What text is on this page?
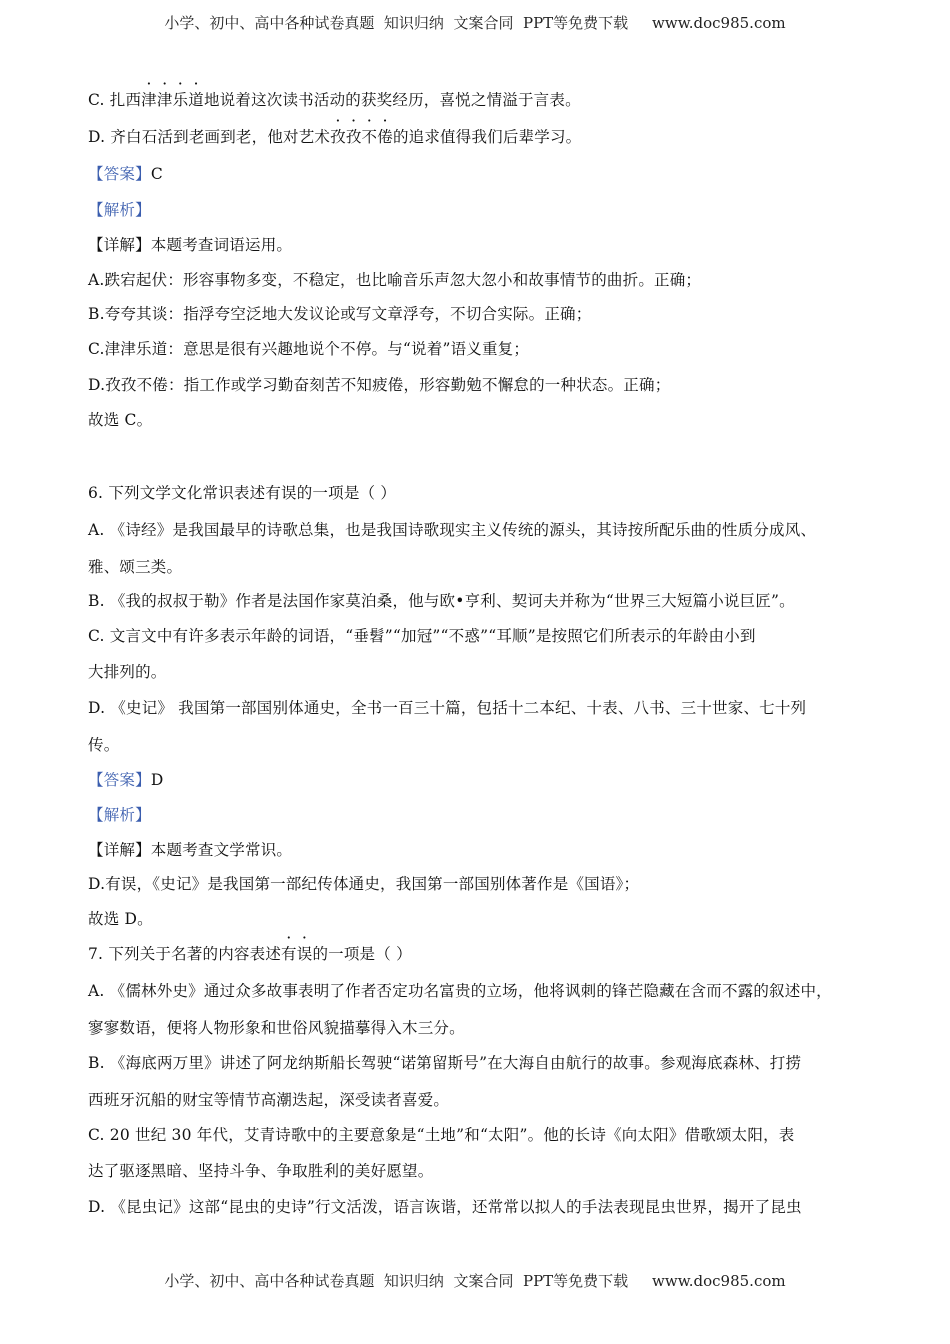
小学、初中、高中各种试卷真题  知识归纳  文案合同  PPT等免费下载     www.doc985.com
C. 扎西津津乐道地说着这次读书活动的获奖经历，喜悦之情溢于言表。
D. 齐白石活到老画到老，他对艺术孜孜不倦的追求值得我们后辈学习。
【答案】C
【解析】
【详解】本题考查词语运用。
A.跌宕起伏：形容事物多变，不稳定，也比喻音乐声忽大忽小和故事情节的曲折。正确；
B.夸夸其谈：指浮夸空泛地大发议论或写文章浮夸，不切合实际。正确；
C.津津乐道：意思是很有兴趣地说个不停。与“说着”语义重复；
D.孜孜不倦：指工作或学习勤奋刻苦不知疲倦，形容勤勉不懈怠的一种状态。正确；
故选 C。
6. 下列文学文化常识表述有误的一项是（ ）
A. 《诗经》是我国最早的诗歌总集，也是我国诗歌现实主义传统的源头，其诗按所配乐曲的性质分成风、
雅、颂三类。
B. 《我的叔叔于勒》作者是法国作家莫泊桑，他与欧•亨利、契诃夫并称为“世界三大短篇小说巨匠”。
C. 文言文中有许多表示年龄的词语，“垂髫”“加冠”“不惑”“耳顺”是按照它们所表示的年龄由小到
大排列的。
D. 《史记》 我国第一部国别体通史，全书一百三十篇，包括十二本纪、十表、八书、三十世家、七十列
传。
【答案】D
【解析】
【详解】本题考查文学常识。
D.有误，《史记》是我国第一部纪传体通史，我国第一部国别体著作是《国语》；
故选 D。
7. 下列关于名著的内容表述有误的一项是（ ）
A. 《儒林外史》通过众多故事表明了作者否定功名富贵的立场，他将讽刺的锋芒隐藏在含而不露的叙述中，
寥寥数语，便将人物形象和世俗风貌描摹得入木三分。
B. 《海底两万里》讲述了阿龙纳斯船长驾驶“诺第留斯号”在大海自由航行的故事。参观海底森林、打捞
西班牙沉船的财宝等情节高潮迭起，深受读者喜爱。
C. 20 世纪 30 年代，艾青诗歌中的主要意象是“土地”和“太阳”。他的长诗《向太阳》借歌颂太阳，表
达了驱逐黑暗、坚持斗争、争取胜利的美好愿望。
D. 《昆虫记》这部“昆虫的史诗”行文活泼，语言诙谐，还常常以拟人的手法表现昆虫世界，揭开了昆虫
小学、初中、高中各种试卷真题  知识归纳  文案合同  PPT等免费下载     www.doc985.com
